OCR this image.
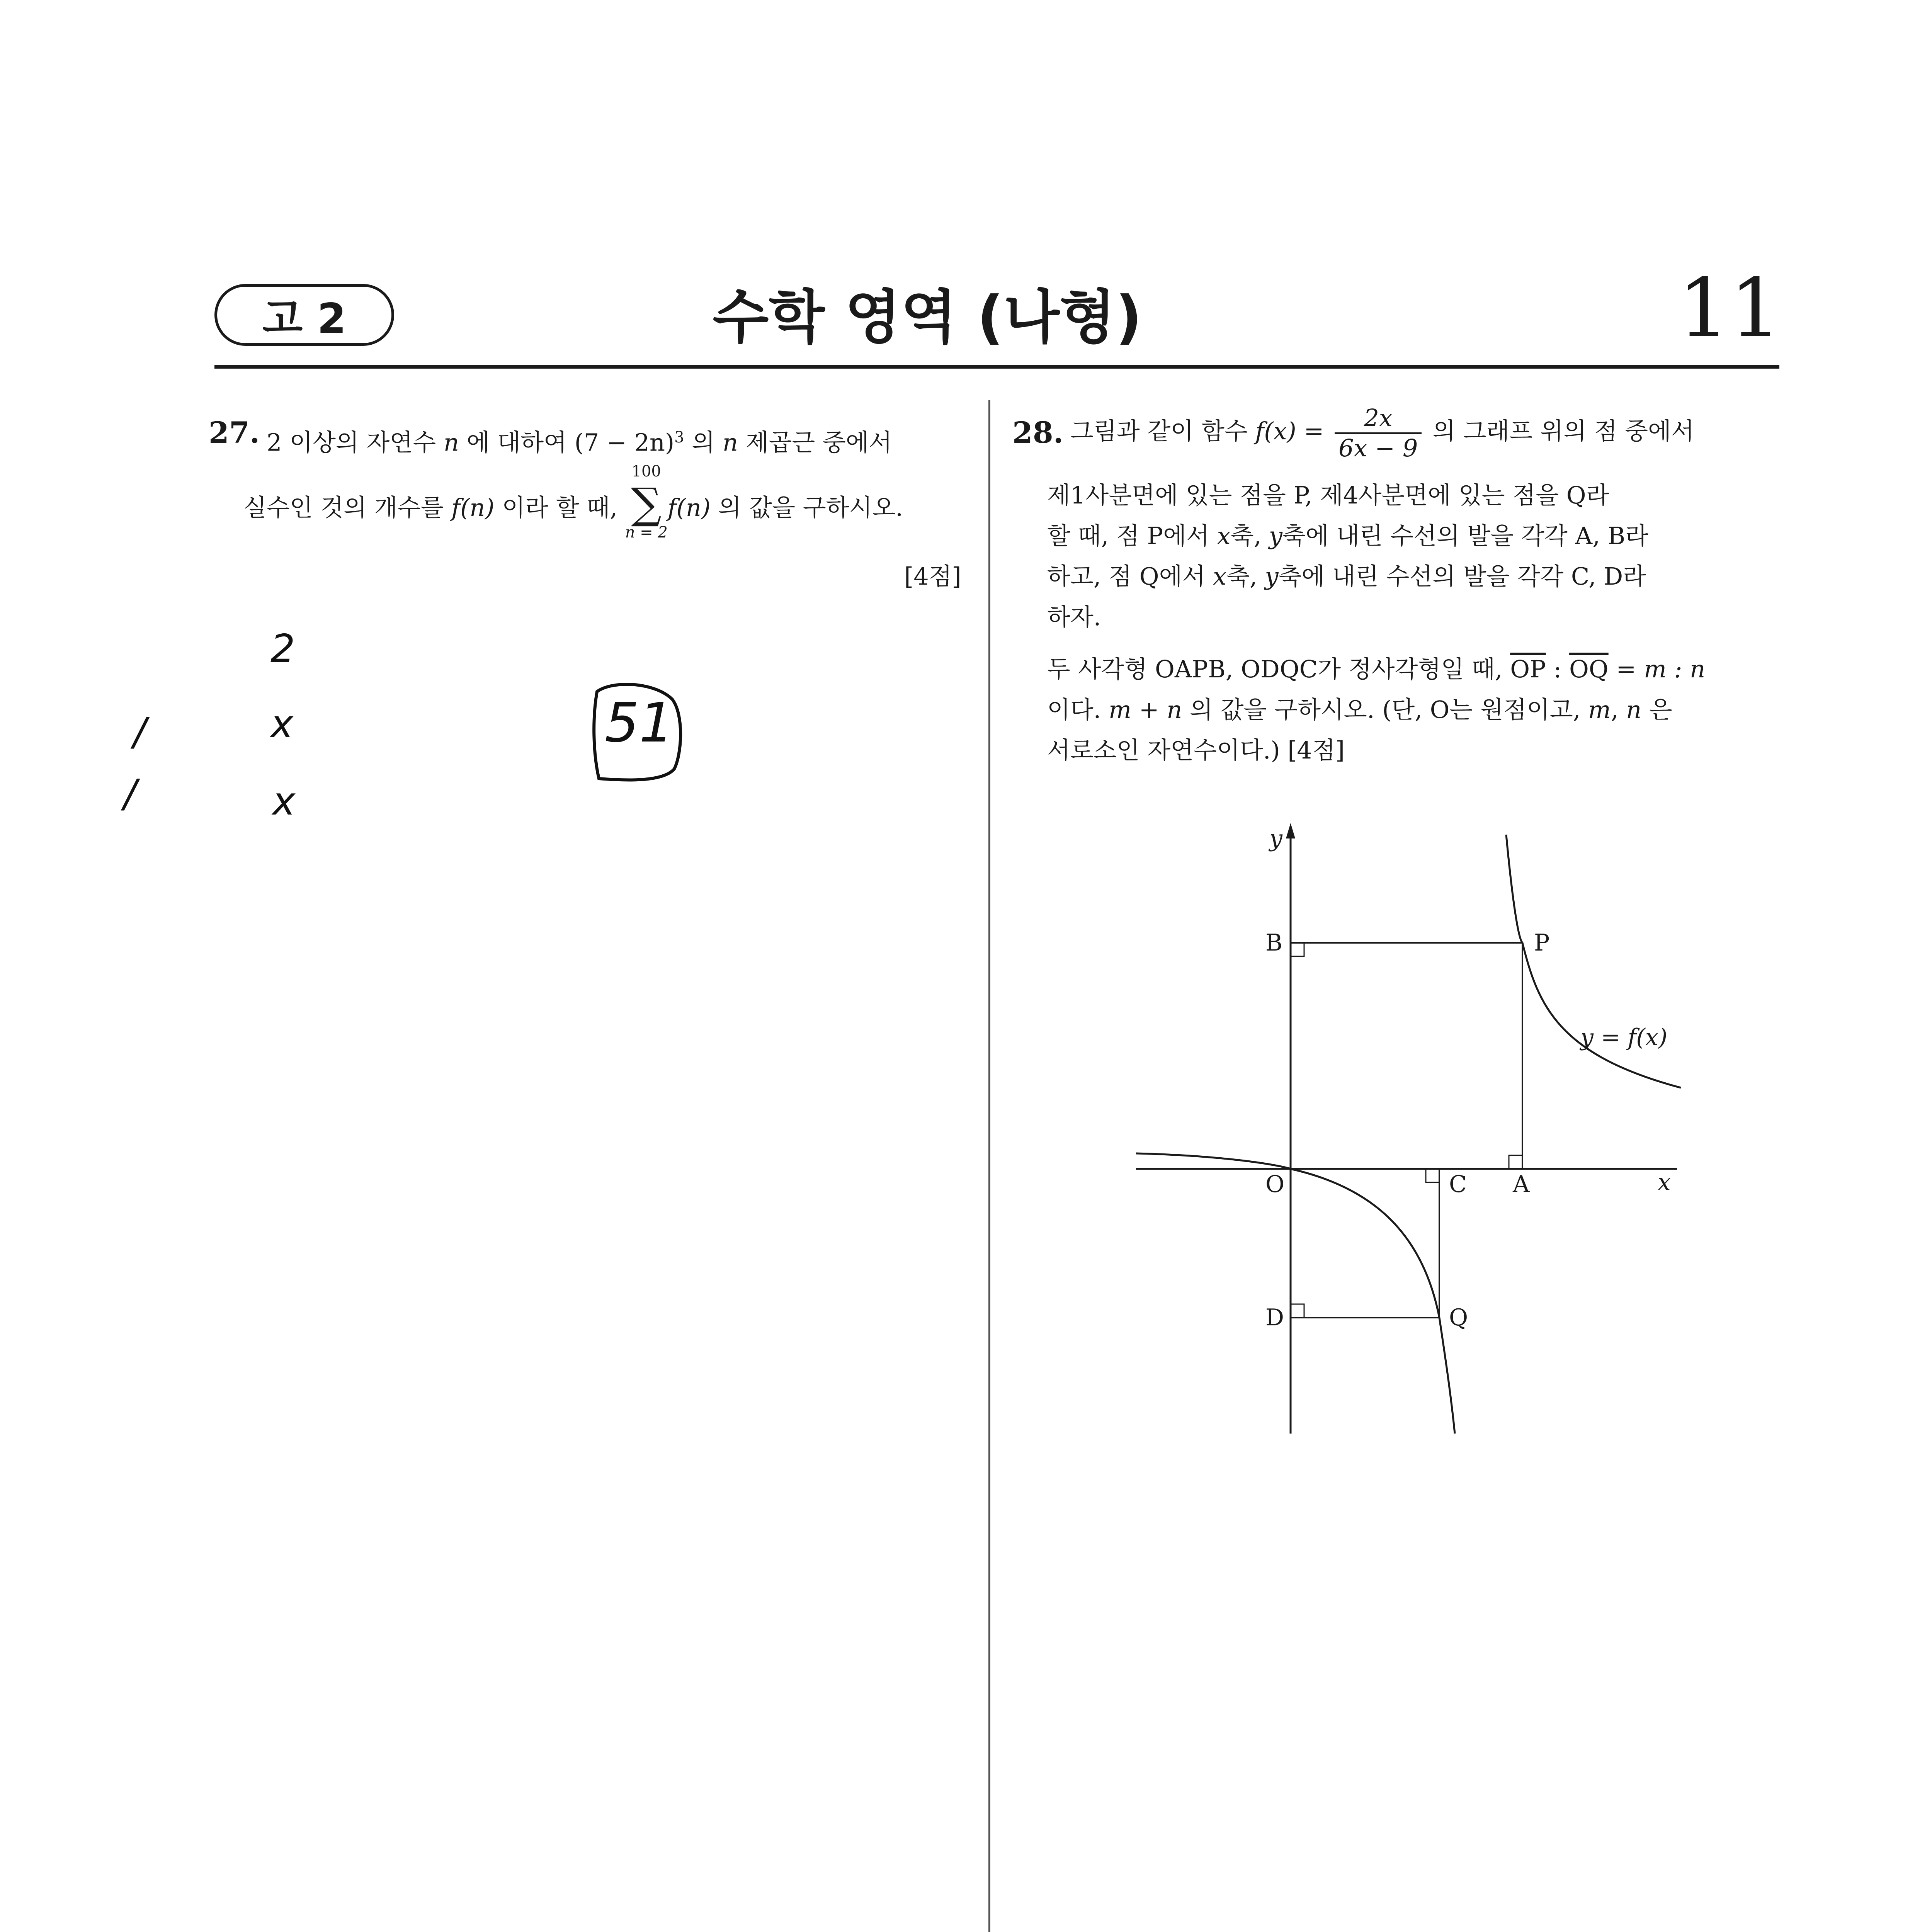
고 2	수학 영역 (나형)	11
27. 2 이상의 자연수 n 에 대하여 $(7 - 2n)^3$ 의 n 제곱근 중에서
실수인 것의 개수를 f(n) 이라 할 때,
100
∑
n = 2
f(n) 의 값을 구하시오.
[4점]
2
x
x
/
/
51
28. 그림과 같이 함수 $f(x) = \frac{2x}{6x - 9}$ 의 그래프 위의 점 중에서
제1사분면에 있는 점을 P, 제4사분면에 있는 점을 Q라
할 때, 점 P에서 x축, y축에 내린 수선의 발을 각각 A, B라
하고, 점 Q에서 x축, y축에 내린 수선의 발을 각각 C, D라
하자.
두 사각형 OAPB, ODQC가 정사각형일 때, $\overline{OP}$ : $\overline{OQ} = m$ : n
이다. m + n 의 값을 구하시오. (단, O는 원점이고, m, n 은
서로소인 자연수이다.) [4점]
y
x
O
B	P
A
C
D	Q
y = f(x)
